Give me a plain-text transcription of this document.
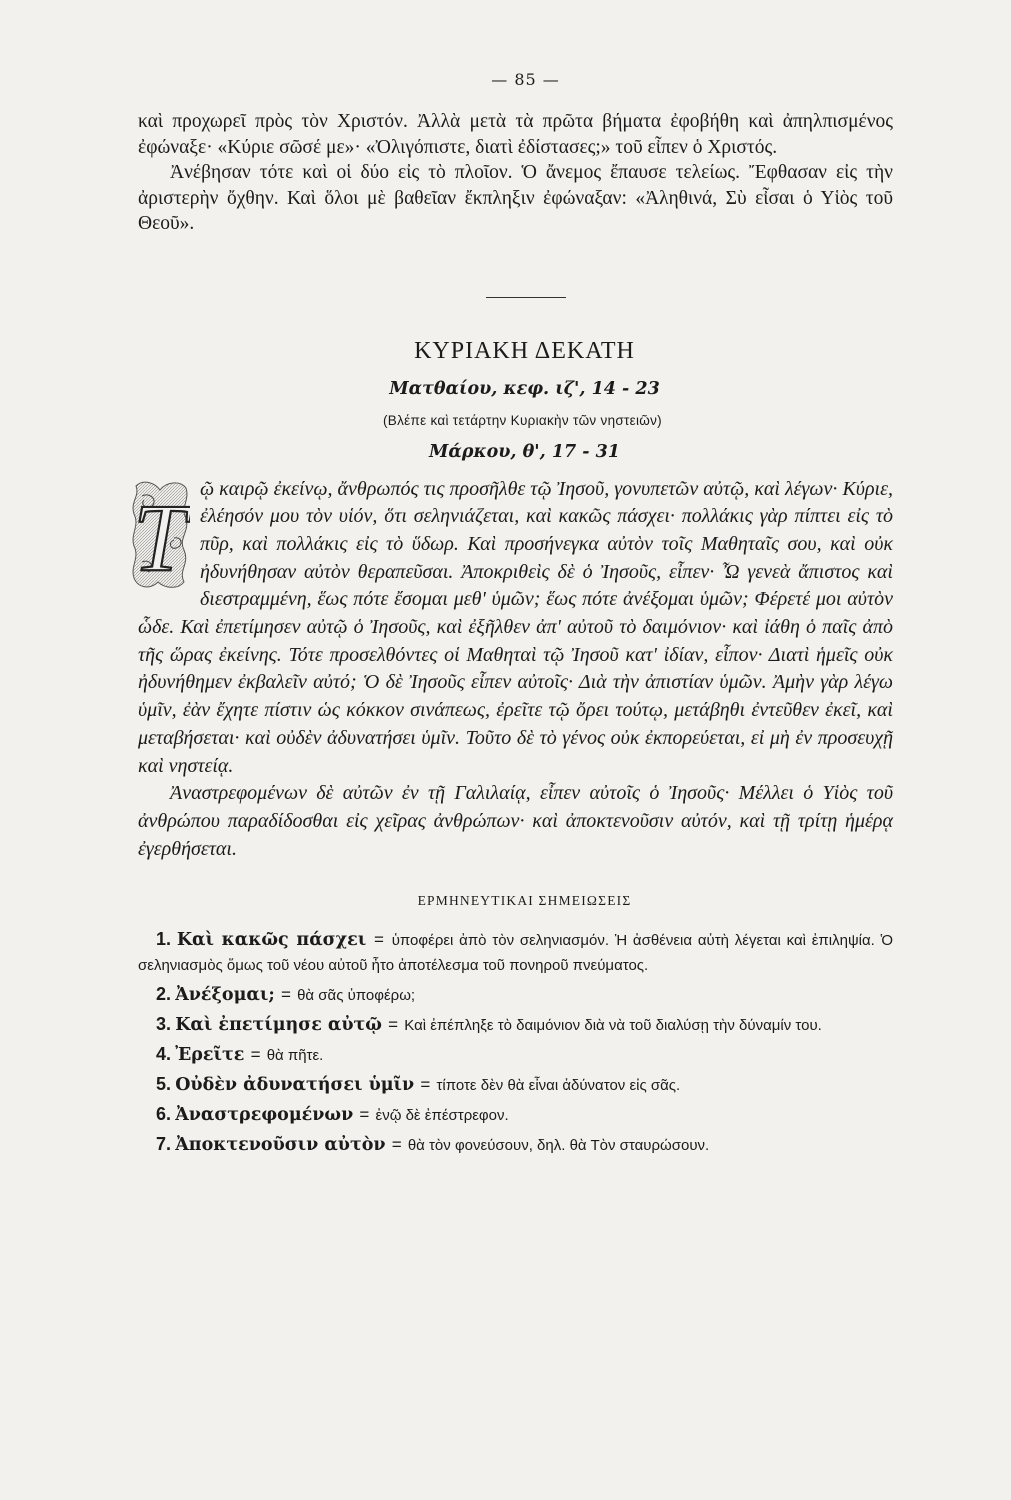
— 85 —

καὶ προχωρεῖ πρὸς τὸν Χριστόν. Ἀλλὰ μετὰ τὰ πρῶτα βήματα ἐφοβήθη καὶ ἀπηλπισμένος ἐφώναξε· «Κύριε σῶσέ με»· «Ὀλιγόπιστε, διατὶ ἐδίστασες;» τοῦ εἶπεν ὁ Χριστός.

Ἀνέβησαν τότε καὶ οἱ δύο εἰς τὸ πλοῖον. Ὁ ἄνεμος ἔπαυσε τελείως. Ἔφθασαν εἰς τὴν ἀριστερὴν ὄχθην. Καὶ ὅλοι μὲ βαθεῖαν ἔκπληξιν ἐφώναξαν: «Ἀληθινά, Σὺ εἶσαι ὁ Υἱὸς τοῦ Θεοῦ».

ΚΥΡΙΑΚΗ ΔΕΚΑΤΗ
Ματθαίου, κεφ. ιζ', 14 - 23
(Βλέπε καὶ τετάρτην Κυριακὴν τῶν νηστειῶν)
Μάρκου, θ', 17 - 31
T ῷ καιρῷ ἐκείνῳ, ἄνθρωπός τις προσῆλθε τῷ Ἰησοῦ, γονυπετῶν αὐτῷ, καὶ λέγων· Κύριε, ἐλέησόν μου τὸν υἱόν, ὅτι σεληνιάζεται, καὶ κακῶς πάσχει· πολλάκις γὰρ πίπτει εἰς τὸ πῦρ, καὶ πολλάκις εἰς τὸ ὕδωρ. Καὶ προσήνεγκα αὐτὸν τοῖς Μαθηταῖς σου, καὶ οὐκ ἠδυνήθησαν αὐτὸν θεραπεῦσαι. Ἀποκριθεὶς δὲ ὁ Ἰησοῦς, εἶπεν· Ὦ γενεὰ ἄπιστος καὶ διεστραμμένη, ἕως πότε ἔσομαι μεθ' ὑμῶν; ἕως πότε ἀνέξομαι ὑμῶν; Φέρετέ μοι αὐτὸν ὧδε. Καὶ ἐπετίμησεν αὐτῷ ὁ Ἰησοῦς, καὶ ἐξῆλθεν ἀπ' αὐτοῦ τὸ δαιμόνιον· καὶ ἰάθη ὁ παῖς ἀπὸ τῆς ὥρας ἐκείνης. Τότε προσελθόντες οἱ Μαθηταὶ τῷ Ἰησοῦ κατ' ἰδίαν, εἶπον· Διατὶ ἡμεῖς οὐκ ἠδυνήθημεν ἐκβαλεῖν αὐτό; Ὁ δὲ Ἰησοῦς εἶπεν αὐτοῖς· Διὰ τὴν ἀπιστίαν ὑμῶν. Ἀμὴν γὰρ λέγω ὑμῖν, ἐὰν ἔχητε πίστιν ὡς κόκκον σινάπεως, ἐρεῖτε τῷ ὄρει τούτῳ, μετάβηθι ἐντεῦθεν ἐκεῖ, καὶ μεταβήσεται· καὶ οὐδὲν ἀδυνατήσει ὑμῖν. Τοῦτο δὲ τὸ γένος οὐκ ἐκπορεύεται, εἰ μὴ ἐν προσευχῇ καὶ νηστείᾳ.

Ἀναστρεφομένων δὲ αὐτῶν ἐν τῇ Γαλιλαίᾳ, εἶπεν αὐτοῖς ὁ Ἰησοῦς· Μέλλει ὁ Υἱὸς τοῦ ἀνθρώπου παραδίδοσθαι εἰς χεῖρας ἀνθρώπων· καὶ ἀποκτενοῦσιν αὐτόν, καὶ τῇ τρίτῃ ἡμέρᾳ ἐγερθήσεται.

ΕΡΜΗΝΕΥΤΙΚΑΙ ΣΗΜΕΙΩΣΕΙΣ

1. Καὶ κακῶς πάσχει = ὑποφέρει ἀπὸ τὸν σεληνιασμόν. Ἡ ἀσθένεια αὐτὴ λέγεται καὶ ἐπιληψία. Ὁ σεληνιασμὸς ὅμως τοῦ νέου αὐτοῦ ἦτο ἀποτέλεσμα τοῦ πονηροῦ πνεύματος.

2. Ἀνέξομαι; = θὰ σᾶς ὑποφέρω;

3. Καὶ ἐπετίμησε αὐτῷ = Καὶ ἐπέπληξε τὸ δαιμόνιον διὰ νὰ τοῦ διαλύσῃ τὴν δύναμίν του.

4. Ἐρεῖτε = θὰ πῆτε.

5. Οὐδὲν ἀδυνατήσει ὑμῖν = τίποτε δὲν θὰ εἶναι ἀδύνατον εἰς σᾶς.

6. Ἀναστρεφομένων = ἐνῷ δὲ ἐπέστρεφον.

7. Ἀποκτενοῦσιν αὐτὸν = θὰ τὸν φονεύσουν, δηλ. θὰ Τὸν σταυρώσουν.
